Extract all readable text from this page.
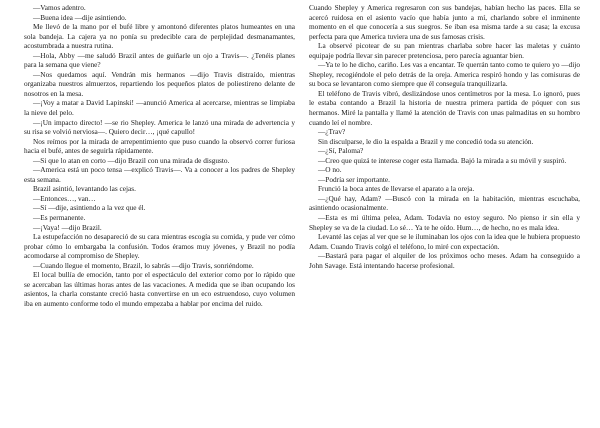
—Vamos adentro.

—Buena idea —dije asintiendo.

Me llevó de la mano por el bufé libre y amontonó diferentes platos humeantes en una sola bandeja. La cajera ya no ponía su predecible cara de perplejidad desmanamantes, acostumbrada a nuestra rutina.

—Hola, Abby —me saludó Brazil antes de guiñarle un ojo a Travis—. ¿Tenéis planes para la semana que viene?

—Nos quedamos aquí. Vendrán mis hermanos —dijo Travis distraído, mientras organizaba nuestros almuerzos, repartiendo los pequeños platos de poliestireno delante de nosotros en la mesa.

—¡Voy a matar a David Lapinski! —anunció America al acercarse, mientras se limpiaba la nieve del pelo.

—¡Un impacto directo! —se rio Shepley. America le lanzó una mirada de advertencia y su risa se volvió nerviosa—. Quiero decir…, ¡qué capullo!

Nos reímos por la mirada de arrepentimiento que puso cuando la observó correr furiosa hacia el bufé, antes de seguirla rápidamente.

—Si que lo atan en corto —dijo Brazil con una mirada de disgusto.

—America está un poco tensa —explicó Travis—. Va a conocer a los padres de Shepley esta semana.

Brazil asintió, levantando las cejas.

—Entonces…, van…

—Sí —dije, asintiendo a la vez que él.

—Es permanente.

—¡Vaya! —dijo Brazil.

La estupefacción no desapareció de su cara mientras escogía su comida, y pude ver cómo probar cómo lo embargaba la confusión. Todos éramos muy jóvenes, y Brazil no podía acomodarse al compromiso de Shepley.

—Cuando llegue el momento, Brazil, lo sabrás —dijo Travis, sonriéndome.

El local bullía de emoción, tanto por el espectáculo del exterior como por lo rápido que se acercaban las últimas horas antes de las vacaciones. A medida que se iban ocupando los asientos, la charla constante creció hasta convertirse en un eco estruendoso, cuyo volumen iba en aumento conforme todo el mundo empezaba a hablar por encima del ruido.

Cuando Shepley y America regresaron con sus bandejas, habían hecho las paces. Ella se acercó ruidosa en el asiento vacío que había junto a mí, charlando sobre el inminente momento en el que conocería a sus suegros. Se iban esa misma tarde a su casa; la excusa perfecta para que America tuviera una de sus famosas crisis.

La observé picotear de su pan mientras charlaba sobre hacer las maletas y cuánto equipaje podría llevar sin parecer pretenciosa, pero parecía aguantar bien.

—Ya te lo he dicho, cariño. Les vas a encantar. Te querrán tanto como te quiero yo —dijo Shepley, recogiéndole el pelo detrás de la oreja. America respiró hondo y las comisuras de su boca se levantaron como siempre que él conseguía tranquilizarla.

El teléfono de Travis vibró, deslizándose unos centímetros por la mesa. Lo ignoró, pues le estaba contando a Brazil la historia de nuestra primera partida de póquer con sus hermanos. Miré la pantalla y llamé la atención de Travis con unas palmaditas en su hombro cuando leí el nombre.

—¿Trav?

Sin disculparse, le dio la espalda a Brazil y me concedió toda su atención.

—¿Sí, Paloma?

—Creo que quizá te interese coger esta llamada. Bajó la mirada a su móvil y suspiró.

—O no.

—Podría ser importante.

Frunció la boca antes de llevarse el aparato a la oreja.

—¿Qué hay, Adam? —Buscó con la mirada en la habitación, mientras escuchaba, asintiendo ocasionalmente.

—Esta es mi última pelea, Adam. Todavía no estoy seguro. No pienso ir sin ella y Shepley se va de la ciudad. Lo sé… Ya te he oído. Hum…, de hecho, no es mala idea.

Levanté las cejas al ver que se le iluminaban los ojos con la idea que le hubiera propuesto Adam. Cuando Travis colgó el teléfono, lo miré con expectación.

—Bastará para pagar el alquiler de los próximos ocho meses. Adam ha conseguido a John Savage. Está intentando hacerse profesional.
